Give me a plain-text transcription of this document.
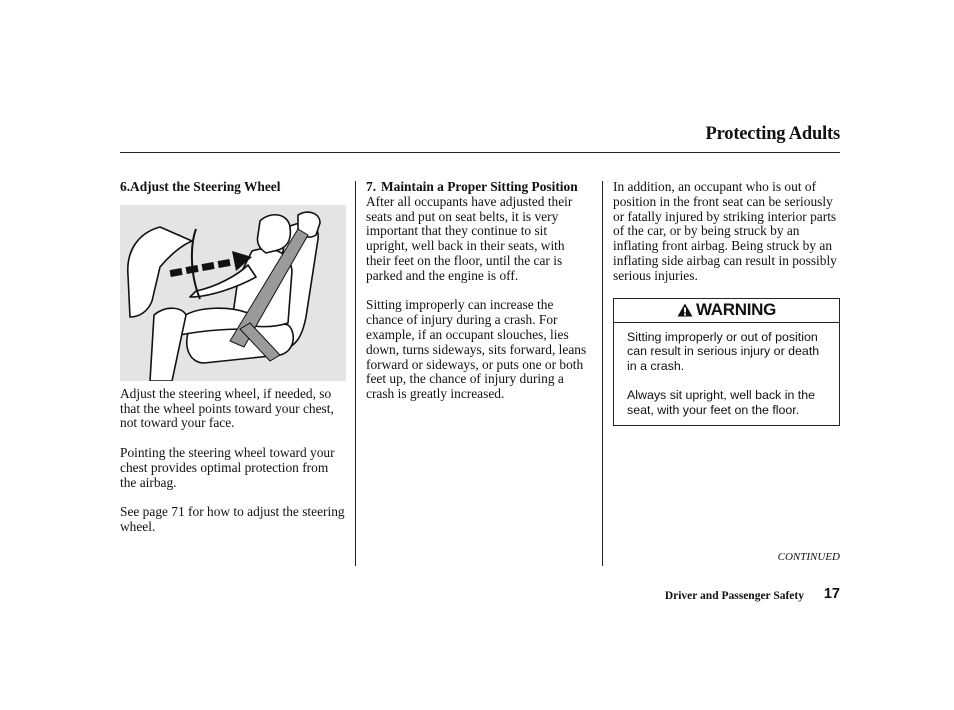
Protecting Adults

6.Adjust the Steering Wheel

Adjust the steering wheel, if needed, so that the wheel points toward your chest, not toward your face.

Pointing the steering wheel toward your chest provides optimal protection from the airbag.

See page 71 for how to adjust the steering wheel.

7. Maintain a Proper Sitting Position

After all occupants have adjusted their seats and put on seat belts, it is very important that they continue to sit upright, well back in their seats, with their feet on the floor, until the car is parked and the engine is off.

Sitting improperly can increase the chance of injury during a crash. For example, if an occupant slouches, lies down, turns sideways, sits forward, leans forward or sideways, or puts one or both feet up, the chance of injury during a crash is greatly increased.

In addition, an occupant who is out of position in the front seat can be seriously or fatally injured by striking interior parts of the car, or by being struck by an inflating front airbag. Being struck by an inflating side airbag can result in possibly serious injuries.

WARNING

Sitting improperly or out of position can result in serious injury or death in a crash.

Always sit upright, well back in the seat, with your feet on the floor.

CONTINUED
Driver and Passenger Safety	17
